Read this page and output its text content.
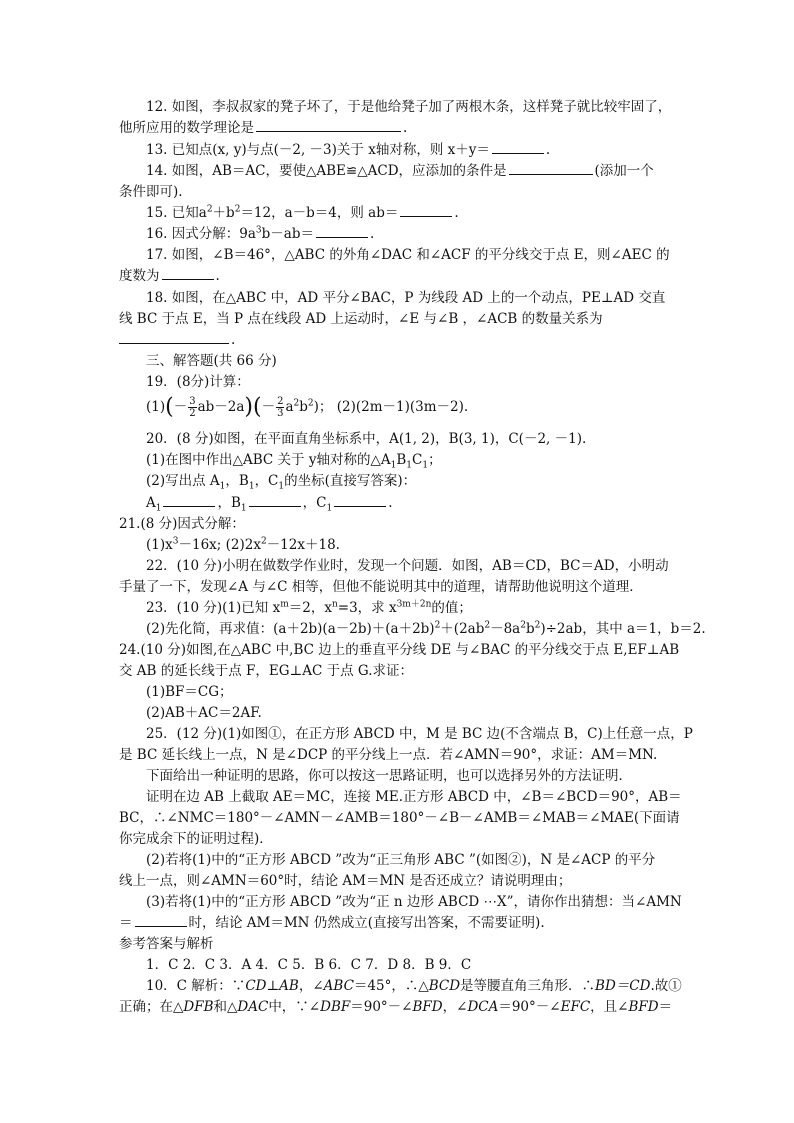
12. 如图，李叔叔家的凳子坏了，于是他给凳子加了两根木条，这样凳子就比较牢固了，
他所应用的数学理论是	.
13. 已知点(x, y)与点(－2, －3)关于 x轴对称，则 x＋y＝	.
14. 如图，AB＝AC，要使△ABE≌△ACD，应添加的条件是	(添加一个
条件即可).
15. 已知$a^2+b^2=12$，a－b＝4，则 ab＝	.
16. 因式分解：$9a^3b-ab=$	.
17. 如图，∠B＝46°，△ABC 的外角∠DAC 和∠ACF 的平分线交于点 E，则∠AEC 的
度数为	.
18. 如图，在△ABC 中，AD 平分∠BAC，P 为线段 AD 上的一个动点，PE⊥AD 交直
线 BC 于点 E，当 P 点在线段 AD 上运动时，∠E 与∠B ，∠ACB 的数量关系为
.
三、解答题(共 66 分)
19．(8分)计算：
$(1)(- \frac{3}{2} ab-2a)(- \frac{2}{3} a^2b^2)$； (2)(2m－1)(3m－2).
20．(8 分)如图，在平面直角坐标系中，A(1, 2)，B(3, 1)，C(－2, －1).
(1)在图中作出△ABC 关于 y轴对称的$\triangle A_1B_1C_1$；
(2)写出点 $A_1$，$B_1$，$C_1$的坐标(直接写答案)：
$A_1$	，$B_1$	，$C_1$	.
21.(8 分)因式分解：
$(1)x^3-16x$; $(2)2x^2-12x+18$.
22．(10 分)小明在做数学作业时，发现一个问题．如图，AB＝CD，BC＝AD，小明动
手量了一下，发现∠A 与∠C 相等，但他不能说明其中的道理，请帮助他说明这个道理．
23．(10 分)(1)已知 $x^m=2$，$x^n=3$，求 $x^{3m+2n}$的值；
(2)先化简，再求值：$(a+2b)(a-2b)+(a+2b)^2+(2ab^2-8a^2b^2)\div 2ab$，其中 a＝1，b＝2.
24.(10 分)如图,在△ABC 中,BC 边上的垂直平分线 DE 与∠BAC 的平分线交于点 E,EF⊥AB
交 AB 的延长线于点 F，EG⊥AC 于点 G.求证：
(1)BF＝CG；
(2)AB＋AC＝2AF.
25．(12 分)(1)如图①，在正方形 ABCD 中，M 是 BC 边(不含端点 B，C)上任意一点，P
是 BC 延长线上一点，N 是∠DCP 的平分线上一点．若∠AMN＝90°，求证：AM＝MN.
下面给出一种证明的思路，你可以按这一思路证明，也可以选择另外的方法证明．
证明在边 AB 上截取 AE＝MC，连接 ME.正方形 ABCD 中，∠B＝∠BCD＝90°，AB＝
BC，∴∠NMC＝180°－∠AMN－∠AMB＝180°－∠B－∠AMB＝∠MAB＝∠MAE(下面请
你完成余下的证明过程)．
(2)若将(1)中的“正方形 ABCD ”改为“正三角形 ABC ”(如图②)，N 是∠ACP 的平分
线上一点，则∠AMN＝60°时，结论 AM＝MN 是否还成立？请说明理由；
(3)若将(1)中的“正方形 ABCD ”改为“正 n 边形 ABCD ⋯X”，请你作出猜想：当∠AMN
＝	时，结论 AM＝MN 仍然成立(直接写出答案，不需要证明).
参考答案与解析
1．C 2．C 3．A 4．C 5．B 6．C 7．D 8．B 9．C
10．C 解析：∵CD⊥AB，∠ABC＝45°，∴△BCD是等腰直角三角形．∴BD＝CD.故①
正确；在△DFB和△DAC中，∵∠DBF＝90°－∠BFD，∠DCA＝90°－∠EFC，且∠BFD＝
